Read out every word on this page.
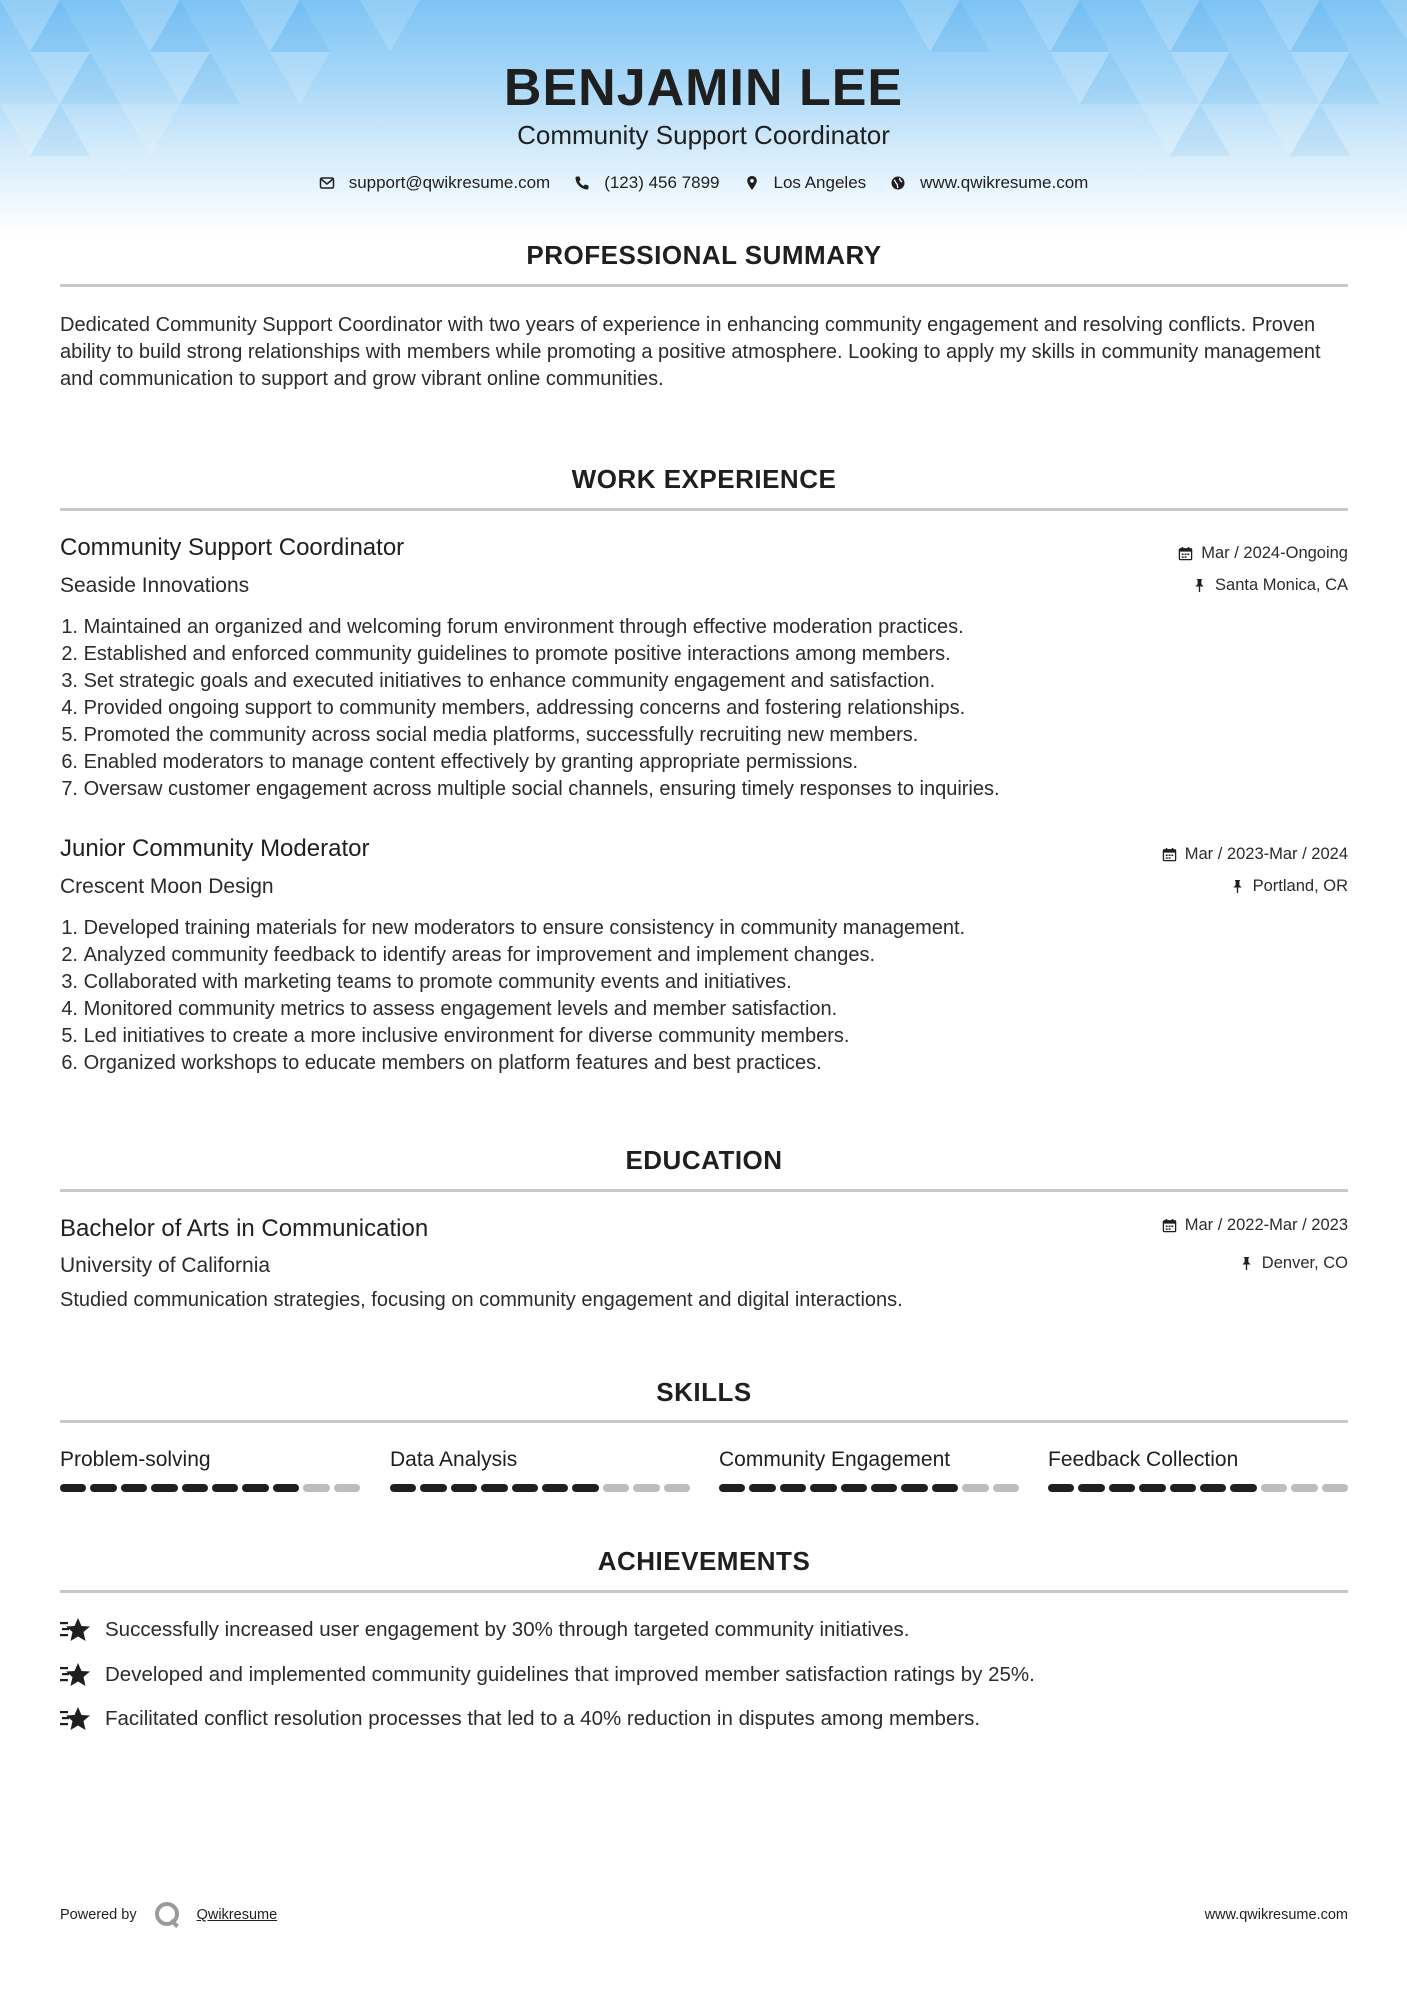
BENJAMIN LEE
Community Support Coordinator
support@qwikresume.com	(123) 456 7899	Los Angeles	www.qwikresume.com
PROFESSIONAL SUMMARY
Dedicated Community Support Coordinator with two years of experience in enhancing community engagement and resolving conflicts. Proven ability to build strong relationships with members while promoting a positive atmosphere. Looking to apply my skills in community management and communication to support and grow vibrant online communities.
WORK EXPERIENCE
Community Support Coordinator
Seaside Innovations
Mar / 2024-Ongoing
Santa Monica, CA
1.
Maintained an organized and welcoming forum environment through effective moderation practices.
2.
Established and enforced community guidelines to promote positive interactions among members.
3.
Set strategic goals and executed initiatives to enhance community engagement and satisfaction.
4.
Provided ongoing support to community members, addressing concerns and fostering relationships.
5.
Promoted the community across social media platforms, successfully recruiting new members.
6.
Enabled moderators to manage content effectively by granting appropriate permissions.
7.
Oversaw customer engagement across multiple social channels, ensuring timely responses to inquiries.
Junior Community Moderator
Crescent Moon Design
Mar / 2023-Mar / 2024
Portland, OR
1.
Developed training materials for new moderators to ensure consistency in community management.
2.
Analyzed community feedback to identify areas for improvement and implement changes.
3.
Collaborated with marketing teams to promote community events and initiatives.
4.
Monitored community metrics to assess engagement levels and member satisfaction.
5.
Led initiatives to create a more inclusive environment for diverse community members.
6.
Organized workshops to educate members on platform features and best practices.
EDUCATION
Bachelor of Arts in Communication
University of California
Mar / 2022-Mar / 2023
Denver, CO
Studied communication strategies, focusing on community engagement and digital interactions.
SKILLS
Problem-solving	Data Analysis	Community Engagement	Feedback Collection
ACHIEVEMENTS
Successfully increased user engagement by 30% through targeted community initiatives.
Developed and implemented community guidelines that improved member satisfaction ratings by 25%.
Facilitated conflict resolution processes that led to a 40% reduction in disputes among members.
Powered by	Qwikresume	www.qwikresume.com
